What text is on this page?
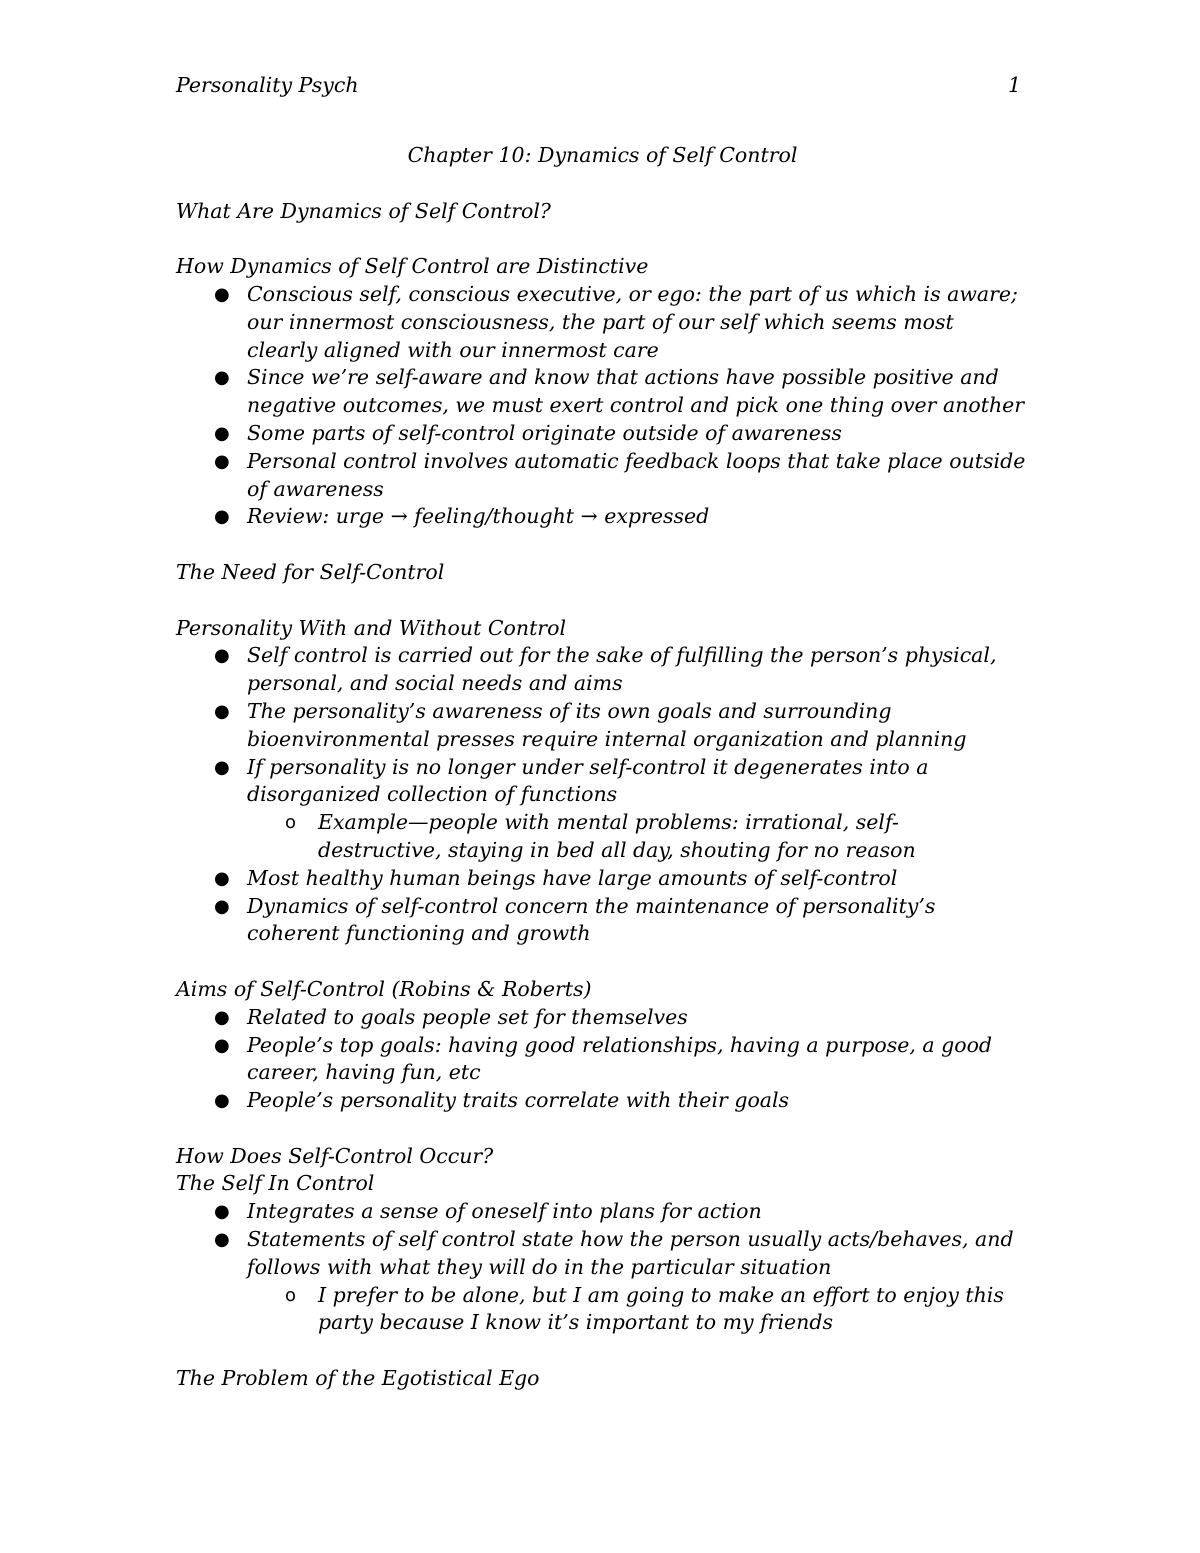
Personality Psych	1

Chapter 10: Dynamics of Self Control

What Are Dynamics of Self Control?

How Dynamics of Self Control are Distinctive

● Conscious self, conscious executive, or ego: the part of us which is aware; our innermost consciousness, the part of our self which seems most clearly aligned with our innermost care
● Since we’re self-aware and know that actions have possible positive and negative outcomes, we must exert control and pick one thing over another
● Some parts of self-control originate outside of awareness
● Personal control involves automatic feedback loops that take place outside of awareness
● Review: urge → feeling/thought → expressed

The Need for Self-Control

Personality With and Without Control

● Self control is carried out for the sake of fulfilling the person’s physical, personal, and social needs and aims
● The personality’s awareness of its own goals and surrounding bioenvironmental presses require internal organization and planning
● If personality is no longer under self-control it degenerates into a disorganized collection of functions
o Example—people with mental problems: irrational, self-destructive, staying in bed all day, shouting for no reason
● Most healthy human beings have large amounts of self-control
● Dynamics of self-control concern the maintenance of personality’s coherent functioning and growth

Aims of Self-Control (Robins & Roberts)

● Related to goals people set for themselves
● People’s top goals: having good relationships, having a purpose, a good career, having fun, etc
● People’s personality traits correlate with their goals

How Does Self-Control Occur?

The Self In Control

● Integrates a sense of oneself into plans for action
● Statements of self control state how the person usually acts/behaves, and follows with what they will do in the particular situation
o I prefer to be alone, but I am going to make an effort to enjoy this party because I know it’s important to my friends

The Problem of the Egotistical Ego
